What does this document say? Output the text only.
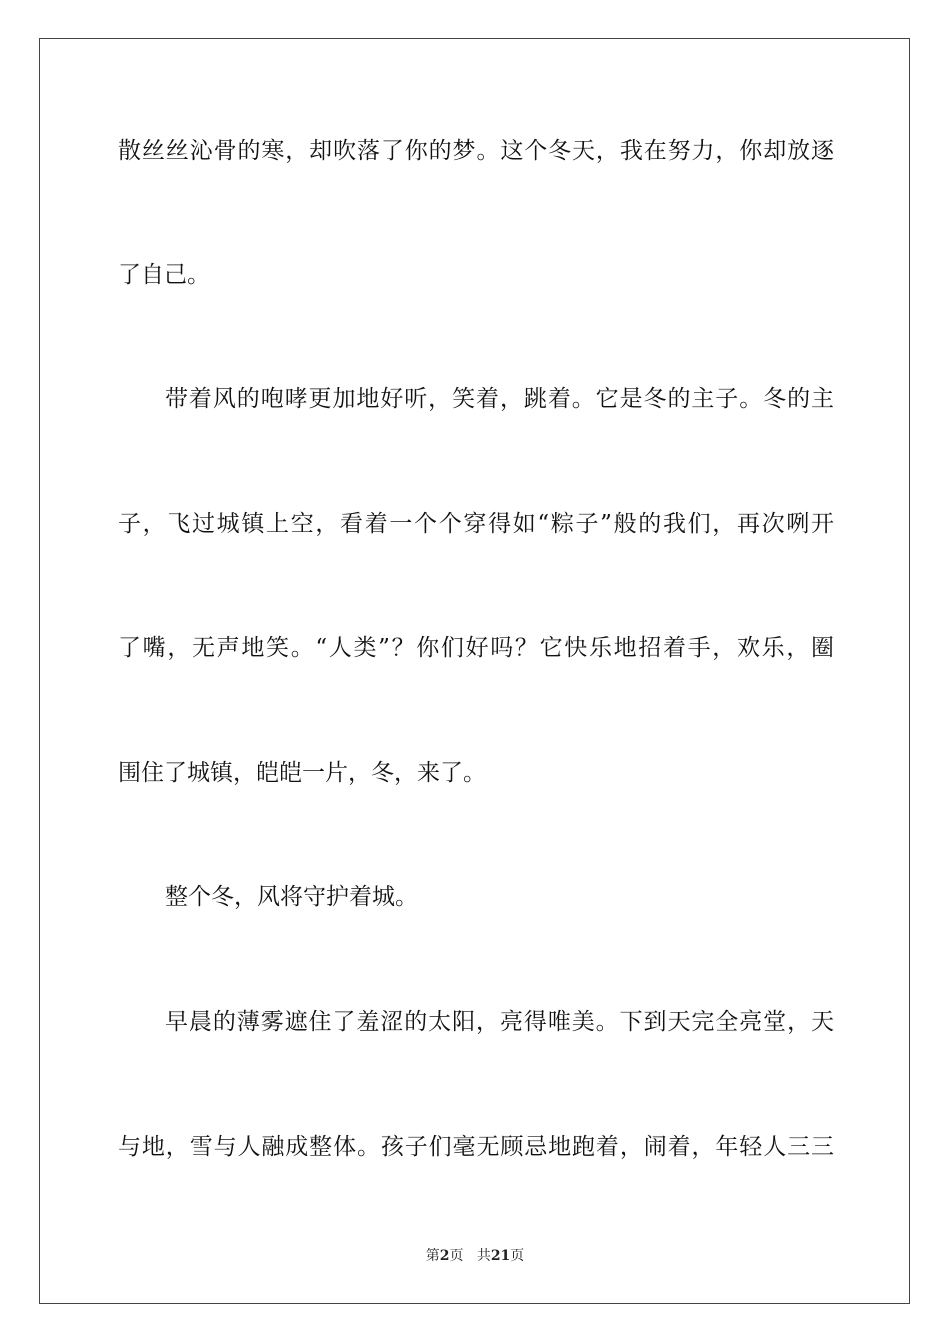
散丝丝沁骨的寒，却吹落了你的梦。这个冬天，我在努力，你却放逐
了自己。
带着风的咆哮更加地好听，笑着，跳着。它是冬的主子。冬的主
子，飞过城镇上空，看着一个个穿得如“粽子”般的我们，再次咧开
了嘴，无声地笑。“人类”？你们好吗？它快乐地招着手，欢乐，圈
围住了城镇，皑皑一片，冬，来了。
整个冬，风将守护着城。
早晨的薄雾遮住了羞涩的太阳，亮得唯美。下到天完全亮堂，天
与地，雪与人融成整体。孩子们毫无顾忌地跑着，闹着，年轻人三三
第2页 共21页
